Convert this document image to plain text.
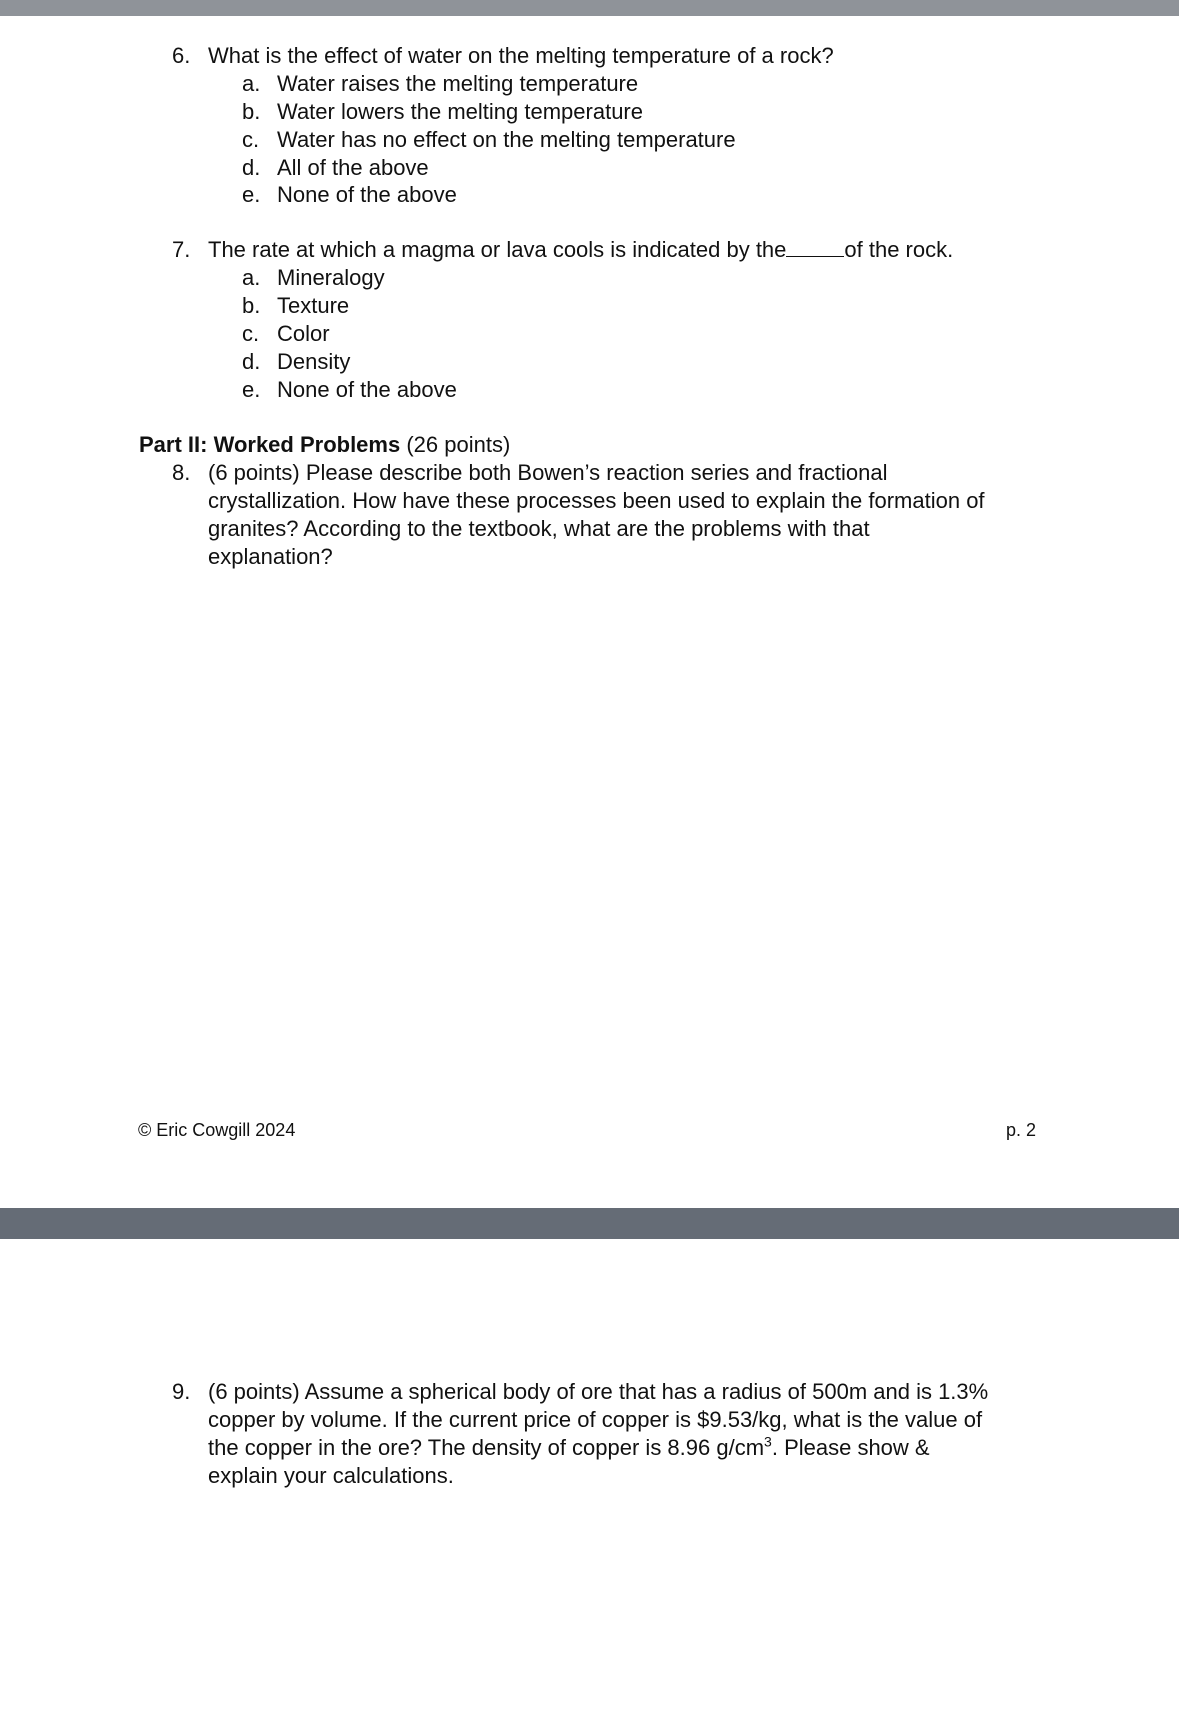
6. What is the effect of water on the melting temperature of a rock?
a. Water raises the melting temperature
b. Water lowers the melting temperature
c. Water has no effect on the melting temperature
d. All of the above
e. None of the above
7. The rate at which a magma or lava cools is indicated by the	of the rock.
a. Mineralogy
b. Texture
c. Color
d. Density
e. None of the above
Part II: Worked Problems (26 points)
8. (6 points) Please describe both Bowen’s reaction series and fractional
crystallization. How have these processes been used to explain the formation of
granites? According to the textbook, what are the problems with that
explanation?
© Eric Cowgill 2024	p. 2
9. (6 points) Assume a spherical body of ore that has a radius of 500m and is 1.3%
copper by volume. If the current price of copper is $9.53/kg, what is the value of
the copper in the ore? The density of copper is 8.96 $g/cm^3$. Please show &
explain your calculations.
